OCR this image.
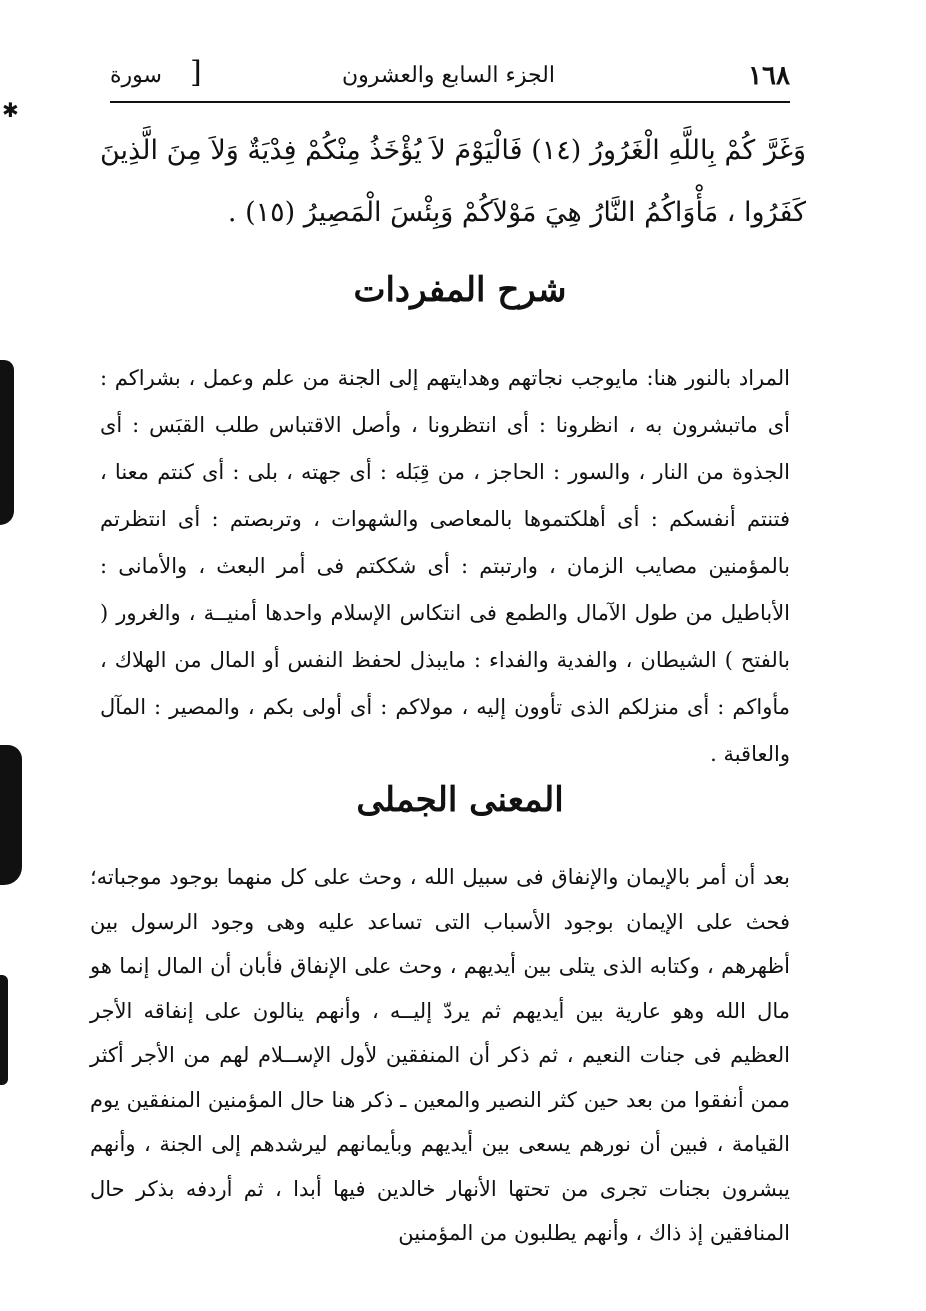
✱
١٦٨
الجزء السابع والعشرون
[
سورة
وَغَرَّ كُمْ بِاللَّهِ الْغَرُورُ (١٤) فَالْيَوْمَ لاَ يُؤْخَذُ مِنْكُمْ فِدْيَةٌ وَلاَ مِنَ الَّذِينَ كَفَرُوا ، مَأْوَاكُمُ النَّارُ هِيَ مَوْلاَكُمْ وَبِئْسَ الْمَصِيرُ (١٥) .
شرح المفردات
المراد بالنور هنا: مايوجب نجاتهم وهدايتهم إلى الجنة من علم وعمل ، بشراكم : أى ماتبشرون به ، انظرونا : أى انتظرونا ، وأصل الاقتباس طلب القبَس : أى الجذوة من النار ، والسور : الحاجز ، من قِبَله : أى جهته ، بلى : أى كنتم معنا ، فتنتم أنفسكم : أى أهلكتموها بالمعاصى والشهوات ، وتربصتم : أى انتظرتم بالمؤمنين مصايب الزمان ، وارتبتم : أى شككتم فى أمر البعث ، والأمانى : الأباطيل من طول الآمال والطمع فى انتكاس الإسلام واحدها أمنيــة ، والغرور ( بالفتح ) الشيطان ، والفدية والفداء : مايبذل لحفظ النفس أو المال من الهلاك ، مأواكم : أى منزلكم الذى تأوون إليه ، مولاكم : أى أولى بكم ، والمصير : المآل والعاقبة .
المعنى الجملى
بعد أن أمر بالإيمان والإنفاق فى سبيل الله ، وحث على كل منهما بوجود موجباته؛ فحث على الإيمان بوجود الأسباب التى تساعد عليه وهى وجود الرسول بين أظهرهم ، وكتابه الذى يتلى بين أيديهم ، وحث على الإنفاق فأبان أن المال إنما هو مال الله وهو عارية بين أيديهم ثم يردّ إليــه ، وأنهم ينالون على إنفاقه الأجر العظيم فى جنات النعيم ، ثم ذكر أن المنفقين لأول الإســلام لهم من الأجر أكثر ممن أنفقوا من بعد حين كثر النصير والمعين ـ ذكر هنا حال المؤمنين المنفقين يوم القيامة ، فبين أن نورهم يسعى بين أيديهم وبأيمانهم ليرشدهم إلى الجنة ، وأنهم يبشرون بجنات تجرى من تحتها الأنهار خالدين فيها أبدا ، ثم أردفه بذكر حال المنافقين إذ ذاك ، وأنهم يطلبون من المؤمنين
